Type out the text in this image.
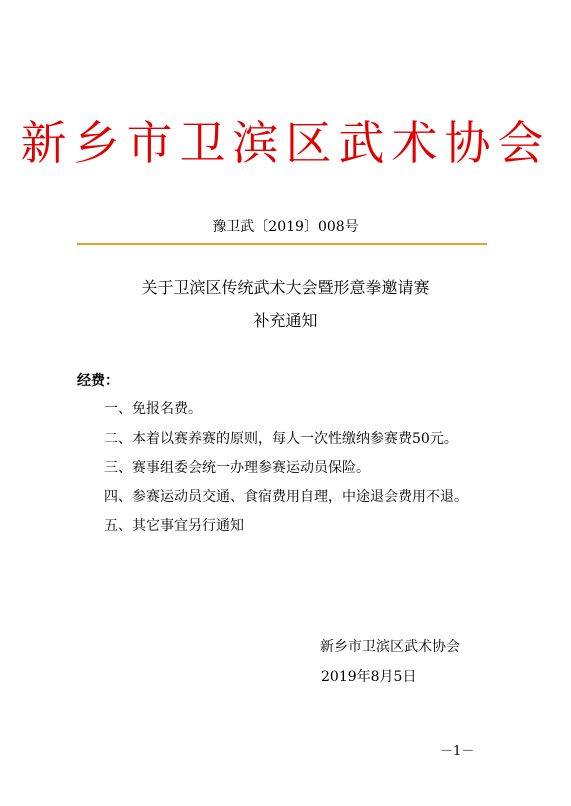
新乡市卫滨区武术协会
豫卫武〔2019〕008号
关于卫滨区传统武术大会暨形意拳邀请赛
补充通知
经费：
一、免报名费。
二、本着以赛养赛的原则，每人一次性缴纳参赛费50元。
三、赛事组委会统一办理参赛运动员保险。
四、参赛运动员交通、食宿费用自理，中途退会费用不退。
五、其它事宜另行通知
新乡市卫滨区武术协会
2019年8月5日
－1－
